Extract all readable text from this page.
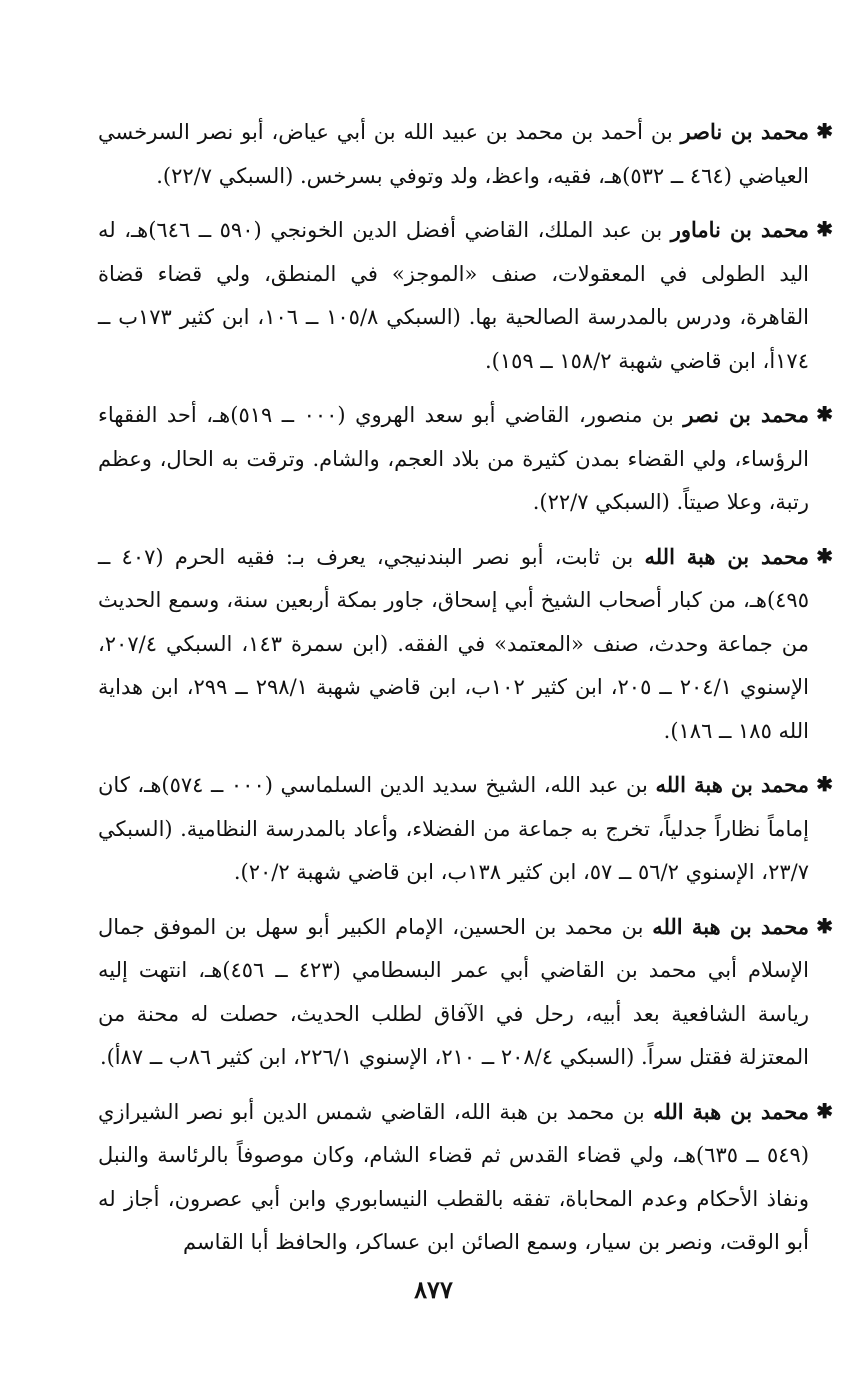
✱
محمد بن ناصر بن أحمد بن محمد بن عبيد الله بن أبي عياض، أبو نصر السرخسي العياضي (٤٦٤ ــ ٥٣٢)هـ، فقيه، واعظ، ولد وتوفي بسرخس. (السبكي ٢٢/٧).
✱
محمد بن ناماور بن عبد الملك، القاضي أفضل الدين الخونجي (٥٩٠ ــ ٦٤٦)هـ، له اليد الطولى في المعقولات، صنف «الموجز» في المنطق، ولي قضاء قضاة القاهرة، ودرس بالمدرسة الصالحية بها. (السبكي ١٠٥/٨ ــ ١٠٦، ابن كثير ١٧٣ب ــ ١٧٤أ، ابن قاضي شهبة ١٥٨/٢ ــ ١٥٩).
✱
محمد بن نصر بن منصور، القاضي أبو سعد الهروي (٠٠٠ ــ ٥١٩)هـ، أحد الفقهاء الرؤساء، ولي القضاء بمدن كثيرة من بلاد العجم، والشام. وترقت به الحال، وعظم رتبة، وعلا صيتاً. (السبكي ٢٢/٧).
✱
محمد بن هبة الله بن ثابت، أبو نصر البندنيجي، يعرف بـ: فقيه الحرم (٤٠٧ ــ ٤٩٥)هـ، من كبار أصحاب الشيخ أبي إسحاق، جاور بمكة أربعين سنة، وسمع الحديث من جماعة وحدث، صنف «المعتمد» في الفقه. (ابن سمرة ١٤٣، السبكي ٢٠٧/٤، الإسنوي ٢٠٤/١ ــ ٢٠٥، ابن كثير ١٠٢ب، ابن قاضي شهبة ٢٩٨/١ ــ ٢٩٩، ابن هداية الله ١٨٥ ــ ١٨٦).
✱
محمد بن هبة الله بن عبد الله، الشيخ سديد الدين السلماسي (٠٠٠ ــ ٥٧٤)هـ، كان إماماً نظاراً جدلياً، تخرج به جماعة من الفضلاء، وأعاد بالمدرسة النظامية. (السبكي ٢٣/٧، الإسنوي ٥٦/٢ ــ ٥٧، ابن كثير ١٣٨ب، ابن قاضي شهبة ٢٠/٢).
✱
محمد بن هبة الله بن محمد بن الحسين، الإمام الكبير أبو سهل بن الموفق جمال الإسلام أبي محمد بن القاضي أبي عمر البسطامي (٤٢٣ ــ ٤٥٦)هـ، انتهت إليه رياسة الشافعية بعد أبيه، رحل في الآفاق لطلب الحديث، حصلت له محنة من المعتزلة فقتل سراً. (السبكي ٢٠٨/٤ ــ ٢١٠، الإسنوي ٢٢٦/١، ابن كثير ٨٦ب ــ ٨٧أ).
✱
محمد بن هبة الله بن محمد بن هبة الله، القاضي شمس الدين أبو نصر الشيرازي (٥٤٩ ــ ٦٣٥)هـ، ولي قضاء القدس ثم قضاء الشام، وكان موصوفاً بالرئاسة والنبل ونفاذ الأحكام وعدم المحاباة، تفقه بالقطب النيسابوري وابن أبي عصرون، أجاز له أبو الوقت، ونصر بن سيار، وسمع الصائن ابن عساكر، والحافظ أبا القاسم
٨٧٧
